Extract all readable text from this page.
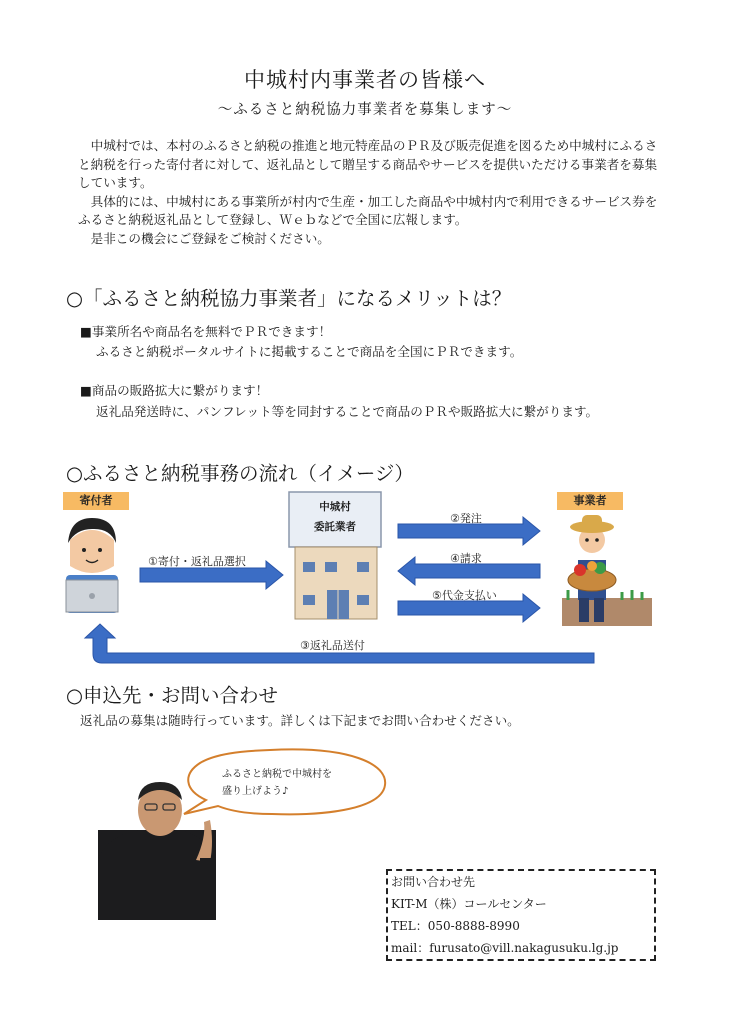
中城村内事業者の皆様へ
～ふるさと納税協力事業者を募集します～

中城村では、本村のふるさと納税の推進と地元特産品のＰＲ及び販売促進を図るため中城村にふるさと納税を行った寄付者に対して、返礼品として贈呈する商品やサービスを提供いただける事業者を募集しています。

具体的には、中城村にある事業所が村内で生産・加工した商品や中城村内で利用できるサービス券をふるさと納税返礼品として登録し、Ｗｅｂなどで全国に広報します。

是非この機会にご登録をご検討ください。

○「ふるさと納税協力事業者」になるメリットは？
■事業所名や商品名を無料でＰＲできます！
ふるさと納税ポータルサイトに掲載することで商品を全国にＰＲできます。
■商品の販路拡大に繋がります！
返礼品発送時に、パンフレット等を同封することで商品のＰＲや販路拡大に繋がります。
○ふるさと納税事務の流れ（イメージ）
寄付者	事業者
中城村
委託業者
①寄付・返礼品選択
②発注
④請求
⑤代金支払い
③返礼品送付
○申込先・お問い合わせ
返礼品の募集は随時行っています。詳しくは下記までお問い合わせください。
ふるさと納税で中城村を
盛り上げよう♪
お問い合わせ先
KIT-M（株）コールセンター
TEL：050-8888-8990
mail：furusato@vill.nakagusuku.lg.jp
